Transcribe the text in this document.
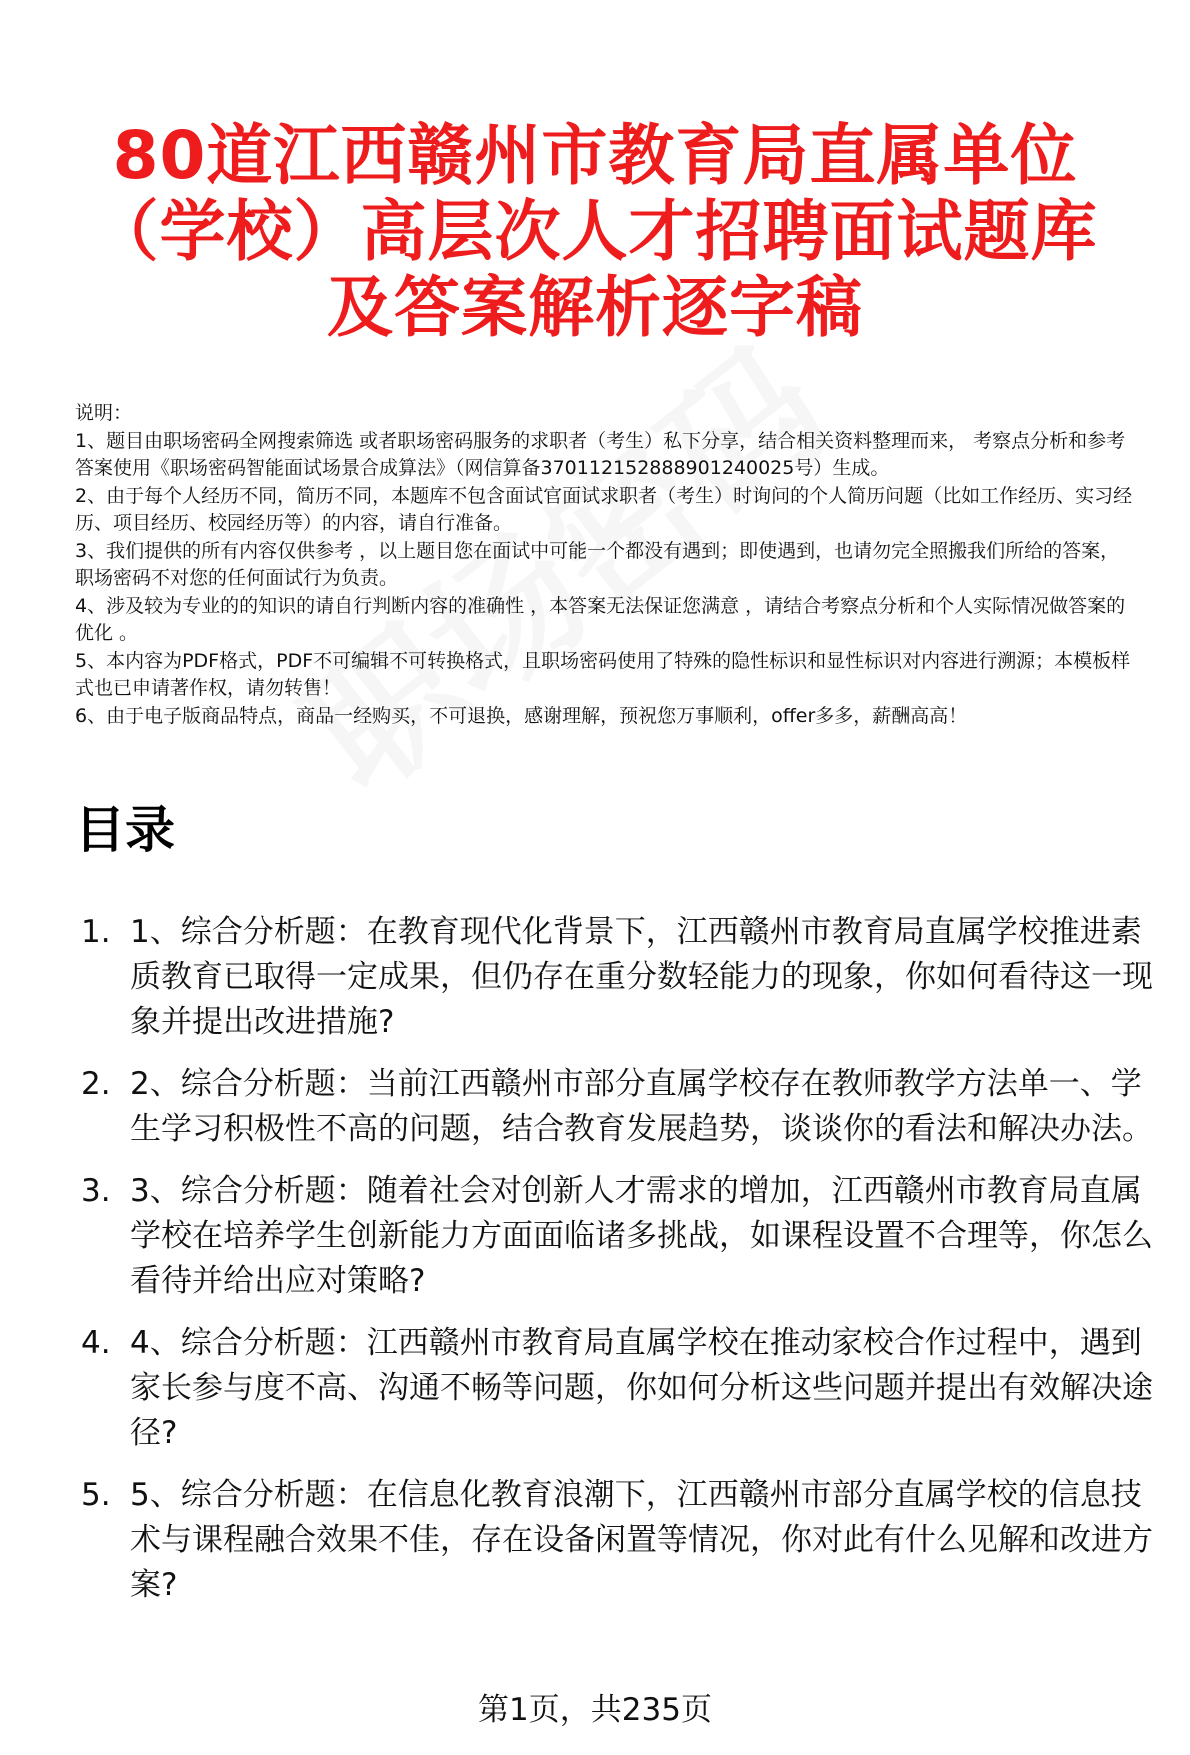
80道江西赣州市教育局直属单位
（学校）高层次人才招聘面试题库
及答案解析逐字稿

说明：

1、题目由职场密码全网搜索筛选 或者职场密码服务的求职者（考生）私下分享，结合相关资料整理而来， 考察点分析和参考答案使用《职场密码智能面试场景合成算法》（网信算备370112152888901240025号）生成。

2、由于每个人经历不同，简历不同，本题库不包含面试官面试求职者（考生）时询问的个人简历问题（比如工作经历、实习经历、项目经历、校园经历等）的内容，请自行准备。

3、我们提供的所有内容仅供参考 ，以上题目您在面试中可能一个都没有遇到；即使遇到，也请勿完全照搬我们所给的答案，职场密码不对您的任何面试行为负责。

4、涉及较为专业的的知识的请自行判断内容的准确性 ，本答案无法保证您满意 ，请结合考察点分析和个人实际情况做答案的优化 。

5、本内容为PDF格式，PDF不可编辑不可转换格式，且职场密码使用了特殊的隐性标识和显性标识对内容进行溯源；本模板样式也已申请著作权，请勿转售！

6、由于电子版商品特点，商品一经购买，不可退换，感谢理解，预祝您万事顺利，offer多多，薪酬高高！

目录
1. 1、综合分析题：在教育现代化背景下，江西赣州市教育局直属学校推进素质教育已取得一定成果，但仍存在重分数轻能力的现象，你如何看待这一现象并提出改进措施?
2. 2、综合分析题：当前江西赣州市部分直属学校存在教师教学方法单一、学生学习积极性不高的问题，结合教育发展趋势，谈谈你的看法和解决办法。
3. 3、综合分析题：随着社会对创新人才需求的增加，江西赣州市教育局直属学校在培养学生创新能力方面面临诸多挑战，如课程设置不合理等，你怎么看待并给出应对策略?
4. 4、综合分析题：江西赣州市教育局直属学校在推动家校合作过程中，遇到家长参与度不高、沟通不畅等问题，你如何分析这些问题并提出有效解决途径?
5. 5、综合分析题：在信息化教育浪潮下，江西赣州市部分直属学校的信息技术与课程融合效果不佳，存在设备闲置等情况，你对此有什么见解和改进方案?
第1页，共235页
